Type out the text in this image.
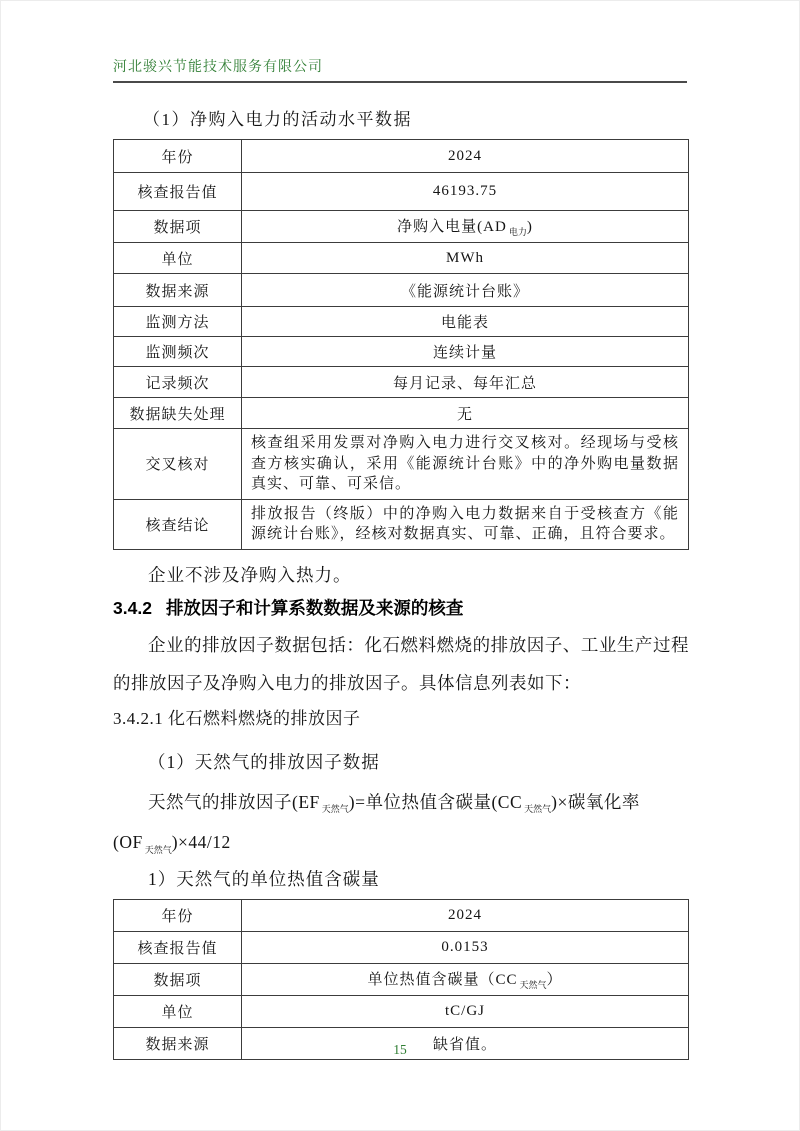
河北骏兴节能技术服务有限公司
（1）净购入电力的活动水平数据
年份	2024
核查报告值	46193.75
数据项	净购入电量(AD $_{电力}$)
单位	MWh
数据来源	《能源统计台账》
监测方法	电能表
监测频次	连续计量
记录频次	每月记录、每年汇总
数据缺失处理	无
交叉核对	核查组采用发票对净购入电力进行交叉核对。经现场与受核查方核实确认，采用《能源统计台账》中的净外购电量数据真实、可靠、可采信。
核查结论	排放报告（终版）中的净购入电力数据来自于受核查方《能源统计台账》，经核对数据真实、可靠、正确，且符合要求。

企业不涉及净购入热力。

3.4.2 排放因子和计算系数数据及来源的核查

企业的排放因子数据包括：化石燃料燃烧的排放因子、工业生产过程的排放因子及净购入电力的排放因子。具体信息列表如下：

3.4.2.1 化石燃料燃烧的排放因子
（1）天然气的排放因子数据
天然气的排放因子(EF $_{天然气}$)=单位热值含碳量(CC $_{天然气}$)×碳氧化率
(OF $_{天然气}$)×44/12
1）天然气的单位热值含碳量
年份	2024
核查报告值	0.0153
数据项	单位热值含碳量（CC $_{天然气}$）
单位	tC/GJ
数据来源	缺省值。
15
